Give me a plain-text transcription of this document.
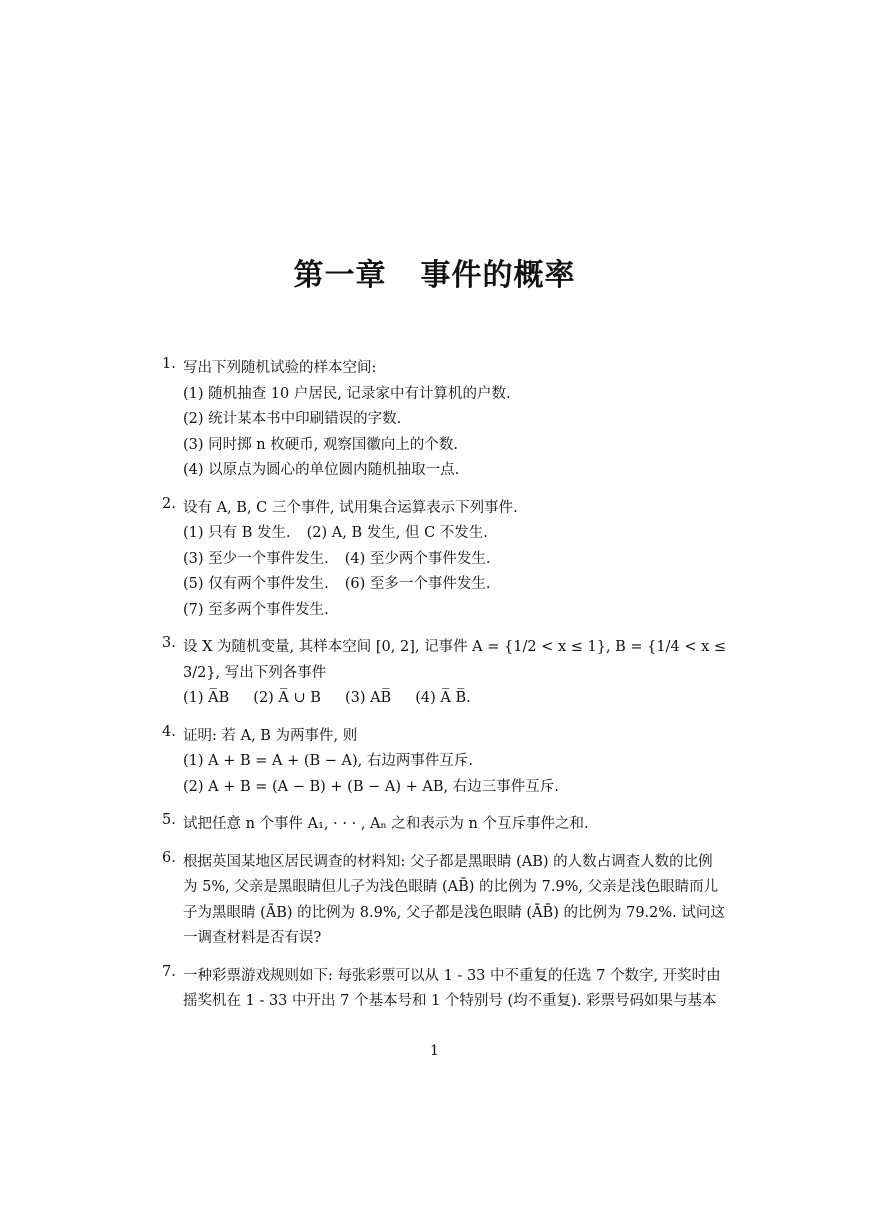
第一章 事件的概率
1. 写出下列随机试验的样本空间:
(1) 随机抽查 10 户居民, 记录家中有计算机的户数.
(2) 统计某本书中印刷错误的字数.
(3) 同时掷 n 枚硬币, 观察国徽向上的个数.
(4) 以原点为圆心的单位圆内随机抽取一点.
2. 设有 A, B, C 三个事件, 试用集合运算表示下列事件.
(1) 只有 B 发生. (2) A, B 发生, 但 C 不发生.
(3) 至少一个事件发生. (4) 至少两个事件发生.
(5) 仅有两个事件发生. (6) 至多一个事件发生.
(7) 至多两个事件发生.
3. 设 X 为随机变量, 其样本空间 [0, 2], 记事件 A = {1/2 < x ≤ 1}, B = {1/4 < x ≤
3/2}, 写出下列各事件
(1) A̅B (2) A̅ ∪ B (3) AB̅ (4) A̅ B̅.
4. 证明: 若 A, B 为两事件, 则
(1) A + B = A + (B − A), 右边两事件互斥.
(2) A + B = (A − B) + (B − A) + AB, 右边三事件互斥.
5. 试把任意 n 个事件 A₁, · · · , Aₙ 之和表示为 n 个互斥事件之和.
6. 根据英国某地区居民调查的材料知: 父子都是黑眼睛 (AB) 的人数占调查人数的比例
为 5%, 父亲是黑眼睛但儿子为浅色眼睛 (AB̄) 的比例为 7.9%, 父亲是浅色眼睛而儿
子为黑眼睛 (ĀB) 的比例为 8.9%, 父子都是浅色眼睛 (ĀB̄) 的比例为 79.2%. 试问这
一调查材料是否有误?
7. 一种彩票游戏规则如下: 每张彩票可以从 1 - 33 中不重复的任选 7 个数字, 开奖时由
摇奖机在 1 - 33 中开出 7 个基本号和 1 个特别号 (均不重复). 彩票号码如果与基本
1
